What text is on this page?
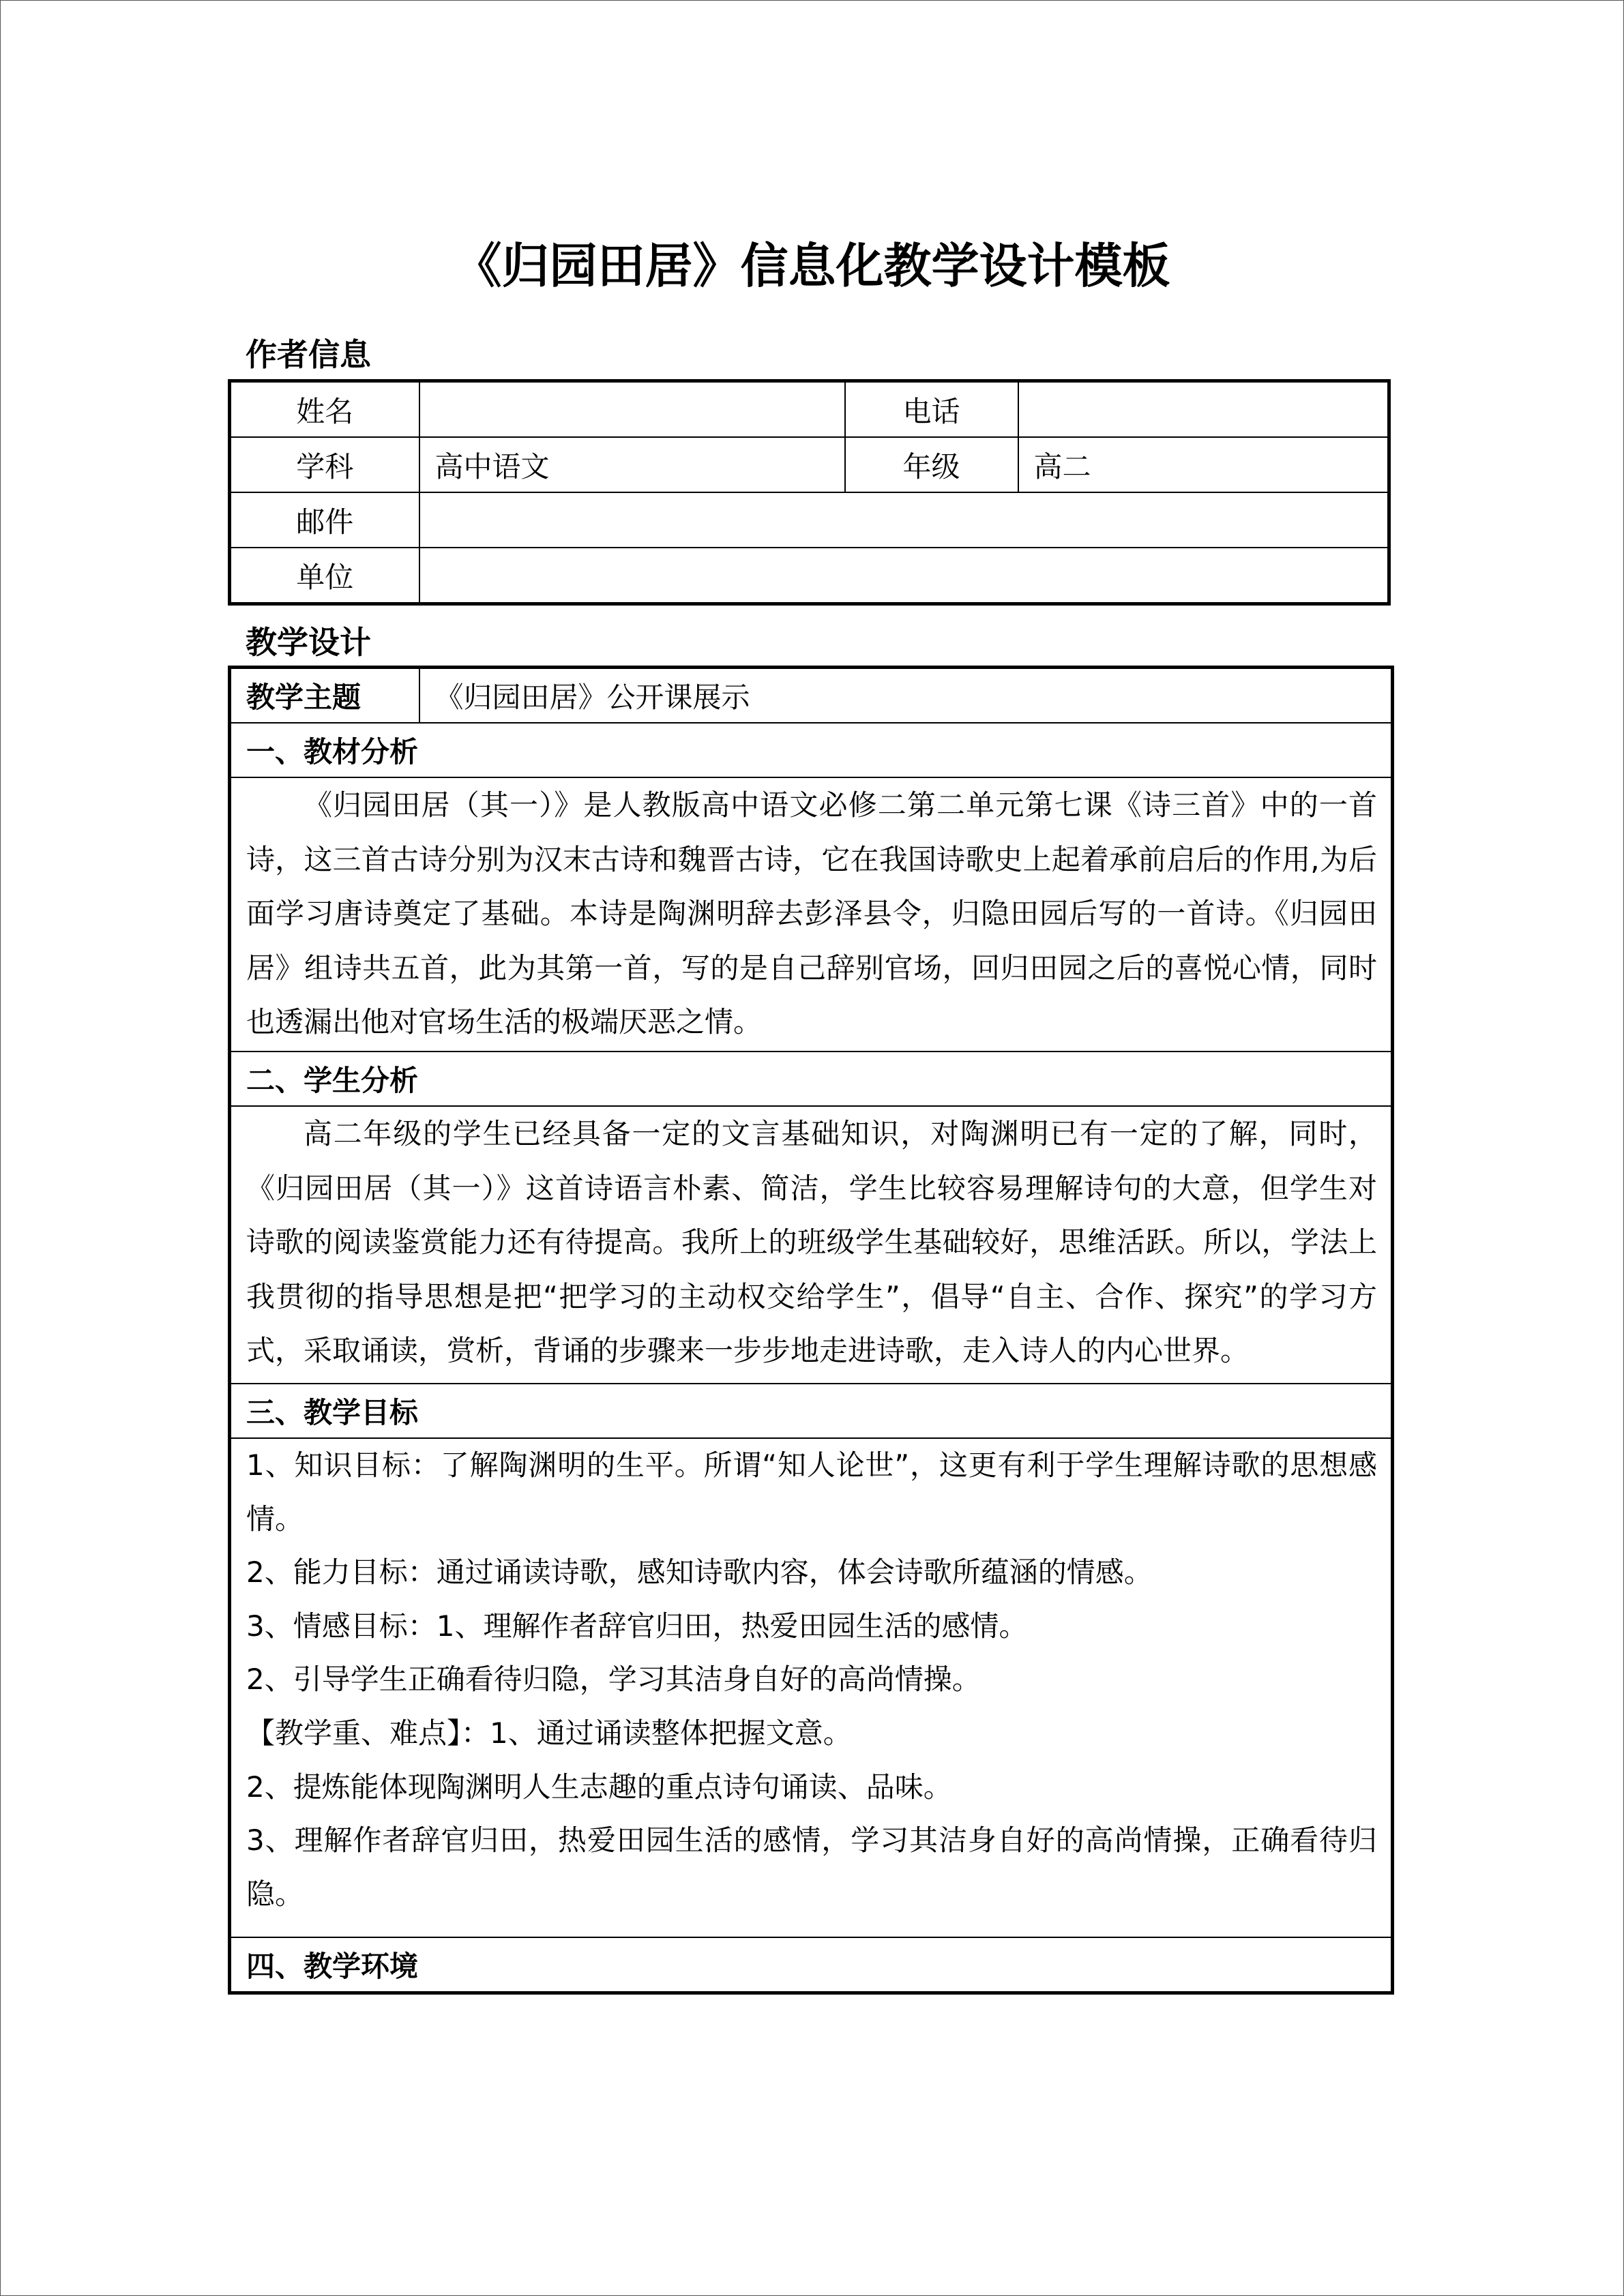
《归园田居》信息化教学设计模板
作者信息
姓名		电话	
学科	高中语文	年级	高二
邮件			
单位			
教学设计
教学主题	《归园田居》公开课展示
一、教材分析

《归园田居（其一）》是人教版高中语文必修二第二单元第七课《诗三首》中的一首诗，这三首古诗分别为汉末古诗和魏晋古诗，它在我国诗歌史上起着承前启后的作用,为后面学习唐诗奠定了基础。本诗是陶渊明辞去彭泽县令，归隐田园后写的一首诗。《归园田居》组诗共五首，此为其第一首，写的是自己辞别官场，回归田园之后的喜悦心情，同时也透漏出他对官场生活的极端厌恶之情。

二、学生分析

高二年级的学生已经具备一定的文言基础知识，对陶渊明已有一定的了解，同时，《归园田居（其一）》这首诗语言朴素、简洁，学生比较容易理解诗句的大意，但学生对诗歌的阅读鉴赏能力还有待提高。我所上的班级学生基础较好，思维活跃。所以，学法上我贯彻的指导思想是把“把学习的主动权交给学生”，倡导“自主、合作、探究”的学习方式，采取诵读，赏析，背诵的步骤来一步步地走进诗歌，走入诗人的内心世界。

三、教学目标

1、知识目标：了解陶渊明的生平。所谓“知人论世”，这更有利于学生理解诗歌的思想感情。
2、能力目标：通过诵读诗歌，感知诗歌内容，体会诗歌所蕴涵的情感。
3、情感目标：1、理解作者辞官归田，热爱田园生活的感情。
2、引导学生正确看待归隐，学习其洁身自好的高尚情操。
【教学重、难点】：1、通过诵读整体把握文意。
2、提炼能体现陶渊明人生志趣的重点诗句诵读、品味。
3、理解作者辞官归田，热爱田园生活的感情，学习其洁身自好的高尚情操，正确看待归隐。

四、教学环境
